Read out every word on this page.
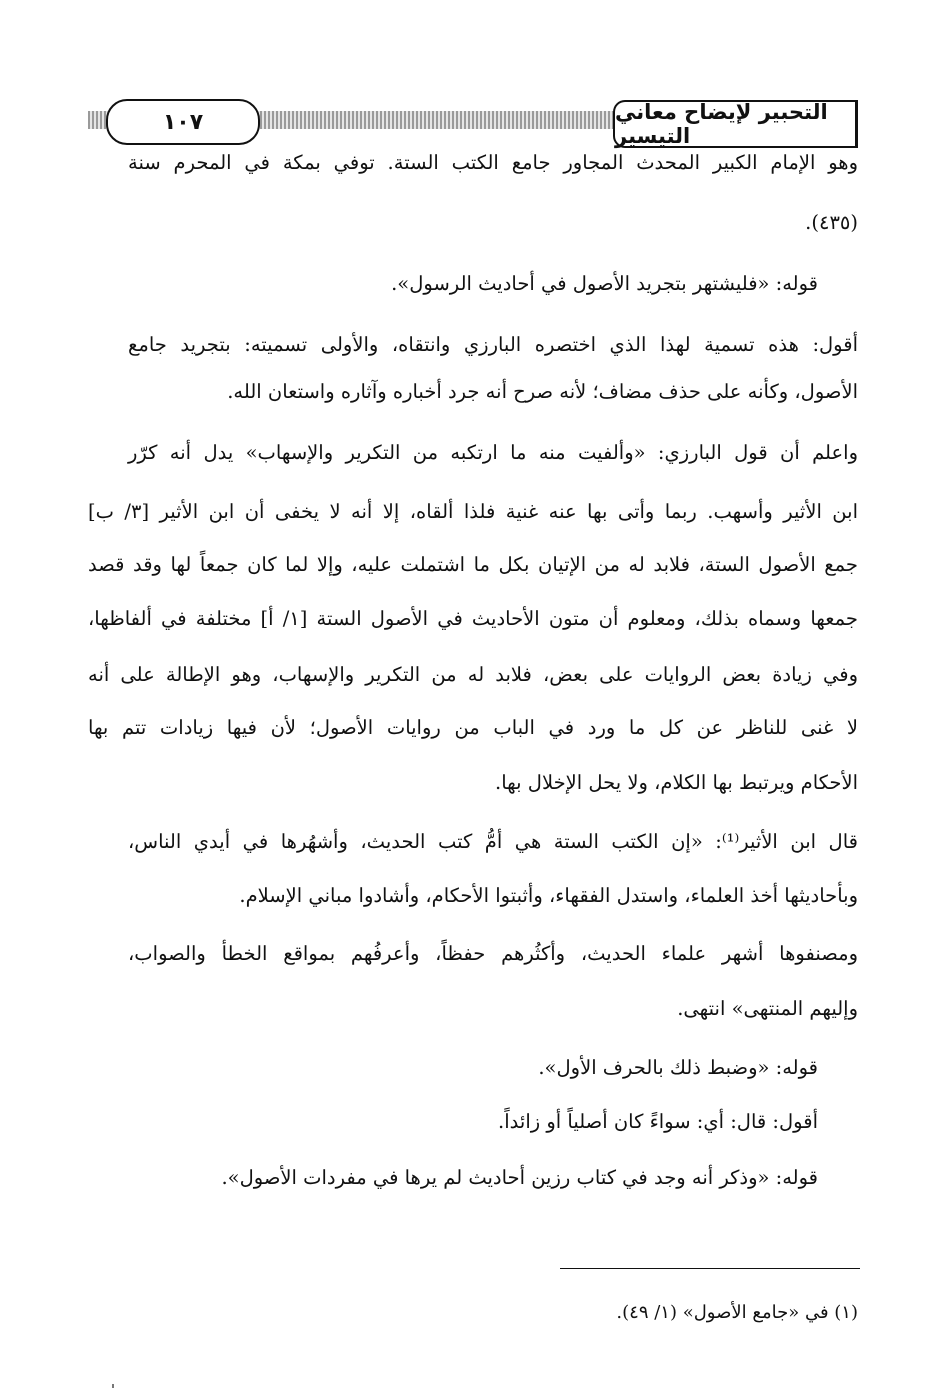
١٠٧	التحبير لإيضاح معاني التيسير
وهو الإمام الكبير المحدث المجاور جامع الكتب الستة. توفي بمكة في المحرم سنة
(٤٣٥).
قوله: «فليشتهر بتجريد الأصول في أحاديث الرسول».
أقول: هذه تسمية لهذا الذي اختصره البارزي وانتقاه، والأولى تسميته: بتجريد جامع
الأصول، وكأنه على حذف مضاف؛ لأنه صرح أنه جرد أخباره وآثاره واستعان الله.
واعلم أن قول البارزي: «وألفيت منه ما ارتكبه من التكرير والإسهاب» يدل أنه كرّر
ابن الأثير وأسهب. ربما وأتى بها عنه غنية فلذا ألقاه، إلا أنه لا يخفى أن ابن الأثير [٣/ ب]
جمع الأصول الستة، فلابد له من الإتيان بكل ما اشتملت عليه، وإلا لما كان جمعاً لها وقد قصد
جمعها وسماه بذلك، ومعلوم أن متون الأحاديث في الأصول الستة [١/ أ] مختلفة في ألفاظها،
وفي زيادة بعض الروايات على بعض، فلابد له من التكرير والإسهاب، وهو الإطالة على أنه
لا غنى للناظر عن كل ما ورد في الباب من روايات الأصول؛ لأن فيها زيادات تتم بها
الأحكام ويرتبط بها الكلام، ولا يحل الإخلال بها.
قال ابن الأثير⁽¹⁾: «إن الكتب الستة هي أمُّ كتب الحديث، وأشهُرها في أيدي الناس،
وبأحاديثها أخذ العلماء، واستدل الفقهاء، وأثبتوا الأحكام، وأشادوا مباني الإسلام.
ومصنفوها أشهر علماء الحديث، وأكثُرهم حفظاً، وأعرفُهم بمواقع الخطأ والصواب،
وإليهم المنتهى» انتهى.
قوله: «وضبط ذلك بالحرف الأول».
أقول: قال: أي: سواءً كان أصلياً أو زائداً.
قوله: «وذكر أنه وجد في كتاب رزين أحاديث لم يرها في مفردات الأصول».
(١) في «جامع الأصول» (١/ ٤٩).
